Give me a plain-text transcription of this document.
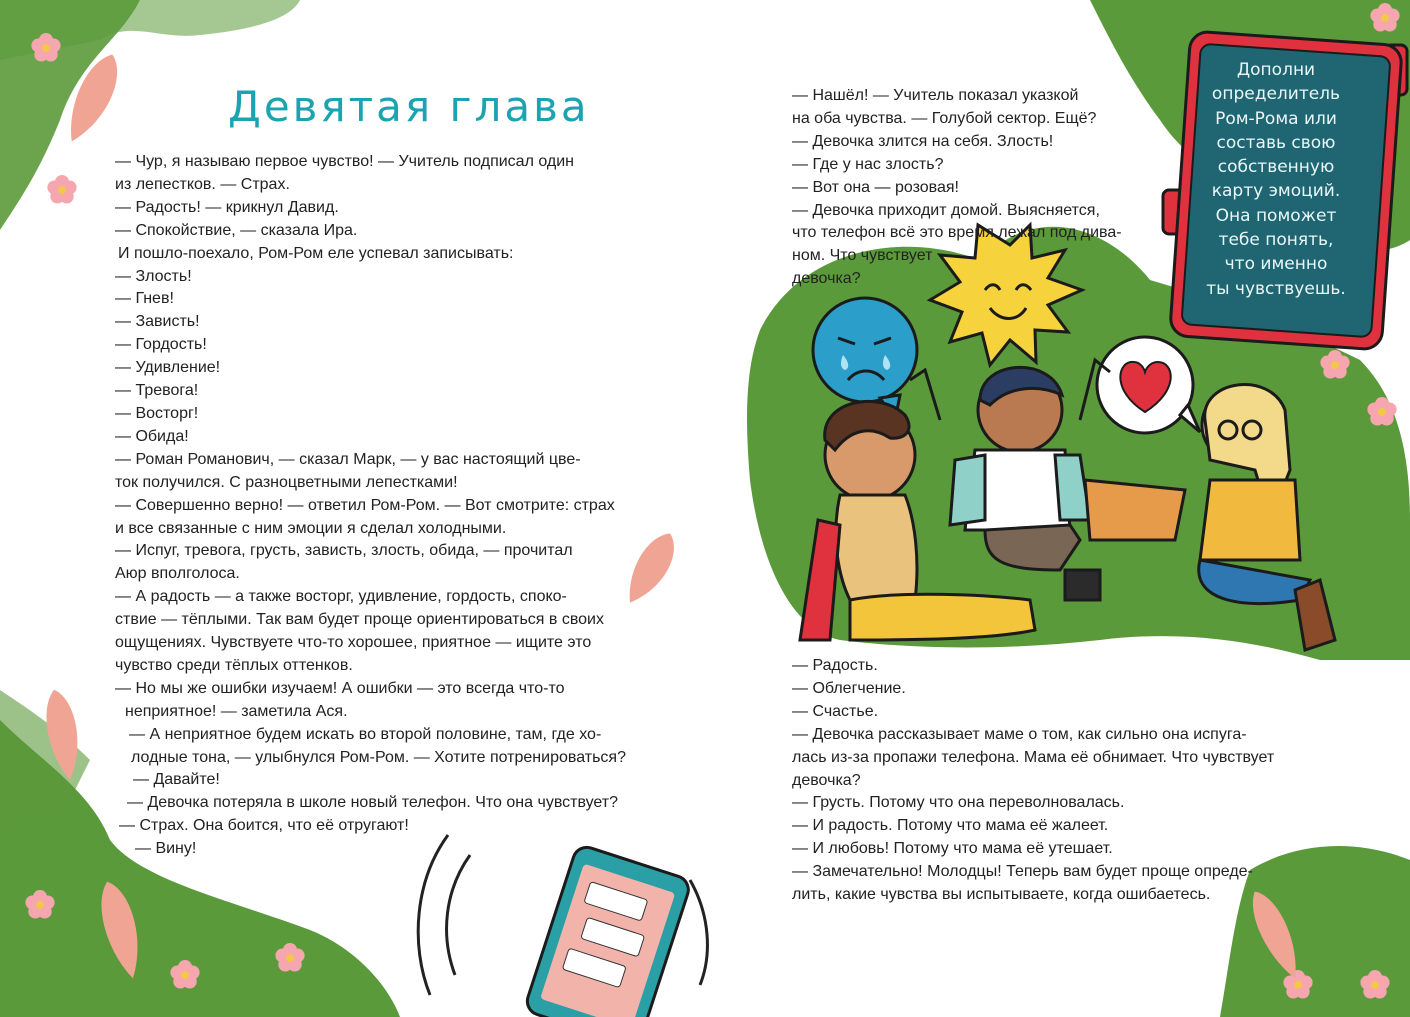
Девятая глава

— Чур, я называю первое чувство! — Учитель подписал один

из лепестков. — Страх.

— Радость! — крикнул Давид.

— Спокойствие, — сказала Ира.

И пошло-поехало, Ром-Ром еле успевал записывать:

— Злость!

— Гнев!

— Зависть!

— Гордость!

— Удивление!

— Тревога!

— Восторг!

— Обида!

— Роман Романович, — сказал Марк, — у вас настоящий цве-

ток получился. С разноцветными лепестками!

— Совершенно верно! — ответил Ром-Ром. — Вот смотрите: страх

и все связанные с ним эмоции я сделал холодными.

— Испуг, тревога, грусть, зависть, злость, обида, — прочитал

Аюр вполголоса.

— А радость — а также восторг, удивление, гордость, споко-

ствие — тёплыми. Так вам будет проще ориентироваться в своих

ощущениях. Чувствуете что-то хорошее, приятное — ищите это

чувство среди тёплых оттенков.

— Но мы же ошибки изучаем! А ошибки — это всегда что-то

неприятное! — заметила Ася.

— А неприятное будем искать во второй половине, там, где хо-

лодные тона, — улыбнулся Ром-Ром. — Хотите потренироваться?

— Давайте!

— Девочка потеряла в школе новый телефон. Что она чувствует?

— Страх. Она боится, что её отругают!

— Вину!

— Нашёл! — Учитель показал указкой

на оба чувства. — Голубой сектор. Ещё?

— Девочка злится на себя. Злость!

— Где у нас злость?

— Вот она — розовая!

— Девочка приходит домой. Выясняется,

что телефон всё это время лежал под дива-

ном. Что чувствует

девочка?

— Радость.

— Облегчение.

— Счастье.

— Девочка рассказывает маме о том, как сильно она испуга-

лась из-за пропажи телефона. Мама её обнимает. Что чувствует

девочка?

— Грусть. Потому что она переволновалась.

— И радость. Потому что мама её жалеет.

— И любовь! Потому что мама её утешает.

— Замечательно! Молодцы! Теперь вам будет проще опреде-

лить, какие чувства вы испытываете, когда ошибаетесь.

Дополни
определитель
Ром-Рома или
составь свою
собственную
карту эмоций.
Она поможет
тебе понять,
что именно
ты чувствуешь.
